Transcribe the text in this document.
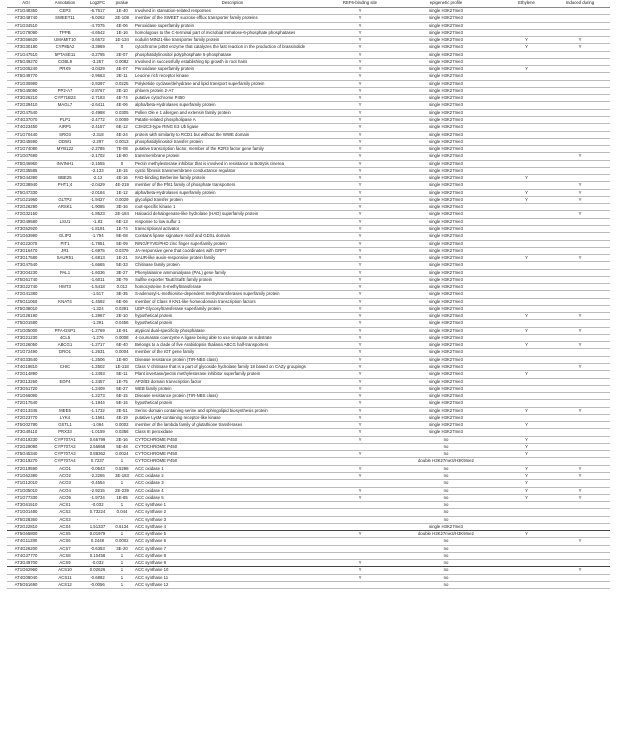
AGI	Annotation	Log2FC	pvalue	Description	REF6-binding site	epigenetic profile	Ethylene	Induced during
AT1G48350	CEP3	-6.7517	1E-40	Involved in starvation-related responses	Y	single H3K27me3		
AT3G48740	SWEET11	-5.0262	2E-108	member of the SWEET sucrose efflux transporter family proteins	Y	single H3K27me3		
AT1G34510		-4.7075	4E-06	Peroxidase superfamily protein	Y	single H3K27me3		
AT1G78090	TPPB	-4.6542	1E-16	homologous to the C-terminal part of microbial trehalose-6-phosphate phosphatases	Y	single H3K27me3		
AT3G56620	UMAMIT10	-3.6672	1E-134	nodulin MtN21-like transporter family protein	Y	single H3K27me3	Y	Y
AT3G30180	CYP85A2	-3.3969	0	cytochrome p450 enzyme that catalyzes the last reaction in the production of brassinolide	Y	single H3K27me3	Y	Y
AT1G47510	5PTASE11	-3.2795	2E-07	phosphatidylinositol polyphosphate 5-phosphatase	Y	single H3K27me3		
AT5G49270	COBL9	-3.257	0.0082	Involved in successfully establishing tip growth in root hairs	Y	single H3K27me3		
AT1G05240	PRX9	-3.0429	4E-07	Peroxidase superfamily protein	Y	single H3K27me3	Y	
AT5G49770		-2.9563	2E-11	Leucine rich receptor kinase	Y	single H3K27me3		
AT1G30990		-2.9397	0.0225	Polyketide cyclase/dehydrase and lipid transport superfamily protein	Y	single H3K27me3		
AT5G45090	PP2-A7	-2.8767	2E-10	phloem protein 2-A7	Y	single H3K27me3		
AT3G26210	CYP71B23	-2.7183	4E-74	putative cytochrome P450	Y	single H3K27me3		
AT2G39410	MAGL7	-2.6411	4E-06	alpha/beta-Hydrolases superfamily protein	Y	single H3K27me3		
AT2G47540		-2.4988	0.0305	Pollen Ole e 1 allergen and extensin family protein	Y	single H3K27me3		
AT4G37070	PLP1	-2.4772	0.0009	Patatin-related phospholipase A	Y	single H3K27me3		
AT4G23450	AIRP1	-2.4157	6E-12	C3H2C3-type RING E3 Ub ligase	Y	single H3K27me3		
AT1G70440	SRO3	-2.318	4E-24	protein with similarity to RCD1 but without the WWE domain	Y	single H3K27me3		
AT3G45590	ODW1	-2.297	0.0013	phosphatidylinositol transfer protein	Y	single H3K27me3		
AT1G74080	MYB122	-2.2785	7E-08	putative transcription factor, member of the R2R3 factor gene family	Y	single H3K27me3		
AT1G07690		-2.1702	1E-80	transmembrane protein	Y	single H3K27me3		Y
AT5G46960	INVINH1	-2.1555	0	Pectin methylesterase inhibitor that is involved in resistance to Botrytis cinerea	Y	single H3K27me3		
AT2G35585		-2.133	1E-15	cystic fibrosis transmembrane conductance regulator	Y	single H3K27me3		
AT5G44390	BBE25	-2.12	4E-16	FAD-binding Berberine family protein	Y	single H3K27me3	Y	
AT2G38940	PHT1;4	-2.0429	4E-219	member of the Pht1 family of phosphate transporters	Y	single H3K27me3		Y
AT5G47330		-2.0184	1E-12	alpha/beta-Hydrolases superfamily protein	Y	single H3K27me3	Y	Y
AT1G21960	GLTP2	-1.9427	0.0029	glycolipid transfer protein	Y	single H3K27me3	Y	Y
AT2G26290	ARSK1	-1.9085	3E-16	root-specific kinase 1	Y	single H3K27me3		
AT2G32150		-1.8523	2E-184	Haloacid dehalogenase-like hydrolase (HAD) superfamily protein	Y	single H3K27me3		Y
AT3G49580	LSU1	-1.83	6E-13	response to low sulfur 1	Y	single H3K27me3		
AT3G52920		-1.8191	1E-74	transcriptional activator	Y	single H3K27me3		
AT1G63990	GLIP3	-1.794	8E-08	Contains lipase signature motif and GDSL domain	Y	single H3K27me3		
AT4G22075	PIT1	-1.7851	5E-09	RING/FYVE/PHD zinc finger superfamily protein	Y	single H3K27me3		
AT3G16470	JR1	-1.6975	0.0379	JA-responsive gene that coordinates with GRP7	Y	single H3K27me3		
AT3G17580	SAUR51	-1.6813	1E-21	SAUR-like auxin-responsive protein family	Y	single H3K27me3	Y	Y
AT3G47540		-1.6665	5E-33	Chitinase family protein	Y	single H3K27me3		
AT3G04230	PAL1	-1.6036	3E-27	Phenylalanine ammonialyase (PAL) gene family	Y	single H3K27me3		
AT5G61740		-1.6011	3E-79	Sulfite exporter TauE/SafE family protein	Y	single H3K27me3		
AT3G22740	HMT3	-1.5418	0.012	homocysteine S-methyltransferase	Y	single H3K27me3		
AT2G41380		-1.517	3E-35	S-adenosyl-L-methionine-dependent methyltransferases superfamily protein	Y	single H3K27me3		
AT5G11060	KNAT4	-1.4592	6E-06	member of Class II KN1-like homeodomain transcription factors	Y	single H3K27me3		
AT5G38010		-1.324	0.0391	UDP-Glycosyltransferase superfamily protein	Y	single H3K27me3		
AT1G28190		-1.2967	2E-10	hypothetical protein	Y	single H3K27me3	Y	Y
AT5G01580		-1.291	0.0456	hypothetical protein	Y	single H3K27me3		
AT1G05000	PFA-DSP1	-1.2769	1E-91	atypical dual-specificity phosphatase	Y	single H3K27me3	Y	Y
AT3G21230	4CL5	-1.276	0.0008	4-coumarate coenzyme A ligase being able to use sinapate as substrate	Y	single H3K27me3		
AT2G26050	ABCG1	-1.2717	6E-40	Belongs to a clade of five Arabidopsis thaliana ABCG half-transporters	Y	single H3K27me3	Y	Y
AT1G72490	DRO1	-1.2631	0.0004	member of the IGT gene family	Y	single H3K27me3		
AT4G33540		-1.2506	1E-80	Disease resistance protein (TIR-NBS class)	Y	single H3K27me3		
AT4G19810	CHIC	-1.2502	1E-118	Class V chitinase that is a part of glycoside hydrolase family 18 based on CAZy groupings	Y	single H3K27me3		Y
AT2G14890		-1.2493	5E-11	Plant invertase/pectin methylesterase inhibitor superfamily protein	Y	single H3K27me3	Y	
AT3G13260	EDF4	-1.2457	1E-75	AP2/B3 domain transcription factor	Y	single H3K27me3		
AT3G51720		-1.2409	5E-27	WEB family protein	Y	single H3K27me3		
AT1G66090		-1.2273	6E-15	Disease resistance protein (TIR-NBS class)	Y	single H3K27me3		
AT2G17540		-1.1944	5E-15	hypothetical protein	Y	single H3K27me3		
AT4G13345	MEE5	-1.1732	2E-51	Serinc-domain containing serine and sphingolipid biosynthesis protein	Y	single H3K27me3	Y	Y
AT2G23770	LYK4	-1.1561	4E-19	putative LysM-containing receptor-like kinase	Y	single H3K27me3		
AT5G02780	GSTL1	-1.064	0.0002	member of the lambda family of glutathione transferases	Y	single H3K27me3	Y	
AT3G49110	PRX33	-1.0159	0.0356	Class III peroxidase	Y	single H3K27me3		
AT4G19230	CYP707A1	0.66799	2E-16	CYTOCHROME P450	Y	no	Y	
AT2G29090	CYP707A2	2.55868	5E-48	CYTOCHROME P450		no	Y	
AT5G45340	CYP707A3	0.88362	0.0024	CYTOCHROME P450	Y	no	Y	
AT3G19270	CYP707A4	0.7237	1	CYTOCHROME P450		double H3K27me3/H3K9me2		
AT2G19590	ACO1	-0.0543	0.5298	ACC oxidase 1	Y	no	Y	Y
AT1G62380	ACO2	-2.2265	3E-183	ACC oxidase 2	Y	no	Y	Y
AT1G12010	ACO3	-0.4554	1	ACC oxidase 3		no	Y	
AT1G05010	ACO4	-2.9215	2E-239	ACC oxidase 4	Y	no	Y	Y
AT1G77330	ACO5	-1.9734	1E-85	ACC oxidase 5	Y	no	Y	Y
AT3G61510	ACS1	-0.032	1	ACC synthase 1		no		
AT1G01480	ACS2	0.73224	0.044	ACC synthase 2		no		
AT5G28360	ACS3	-	-	ACC synthase 3		no		
AT2G22810	ACS4	1.51337	0.6134	ACC synthase 4		single H3K27me3		
AT5G65800	ACS5	0.01979	1	ACC synthase 5	Y	double H3K27me3/H3K9me2	Y	
AT4G11280	ACS6	0.2448	0.0002	ACC synthase 6		no		Y
AT4G26200	ACS7	-0.6353	3E-20	ACC synthase 7		no		
AT4G37770	ACS8	0.10458	1	ACC synthase 8		no		
AT3G49700	ACS9	-0.032	1	ACC synthase 9	Y	no		
AT1G62960	ACS10	0.02626	1	ACC synthase 10	Y	no		Y
AT4G08040	ACS11	-0.6882	1	ACC synthase 11	Y	no		
AT5G51690	ACS12	-0.0056	1	ACC synthase 12		no		
